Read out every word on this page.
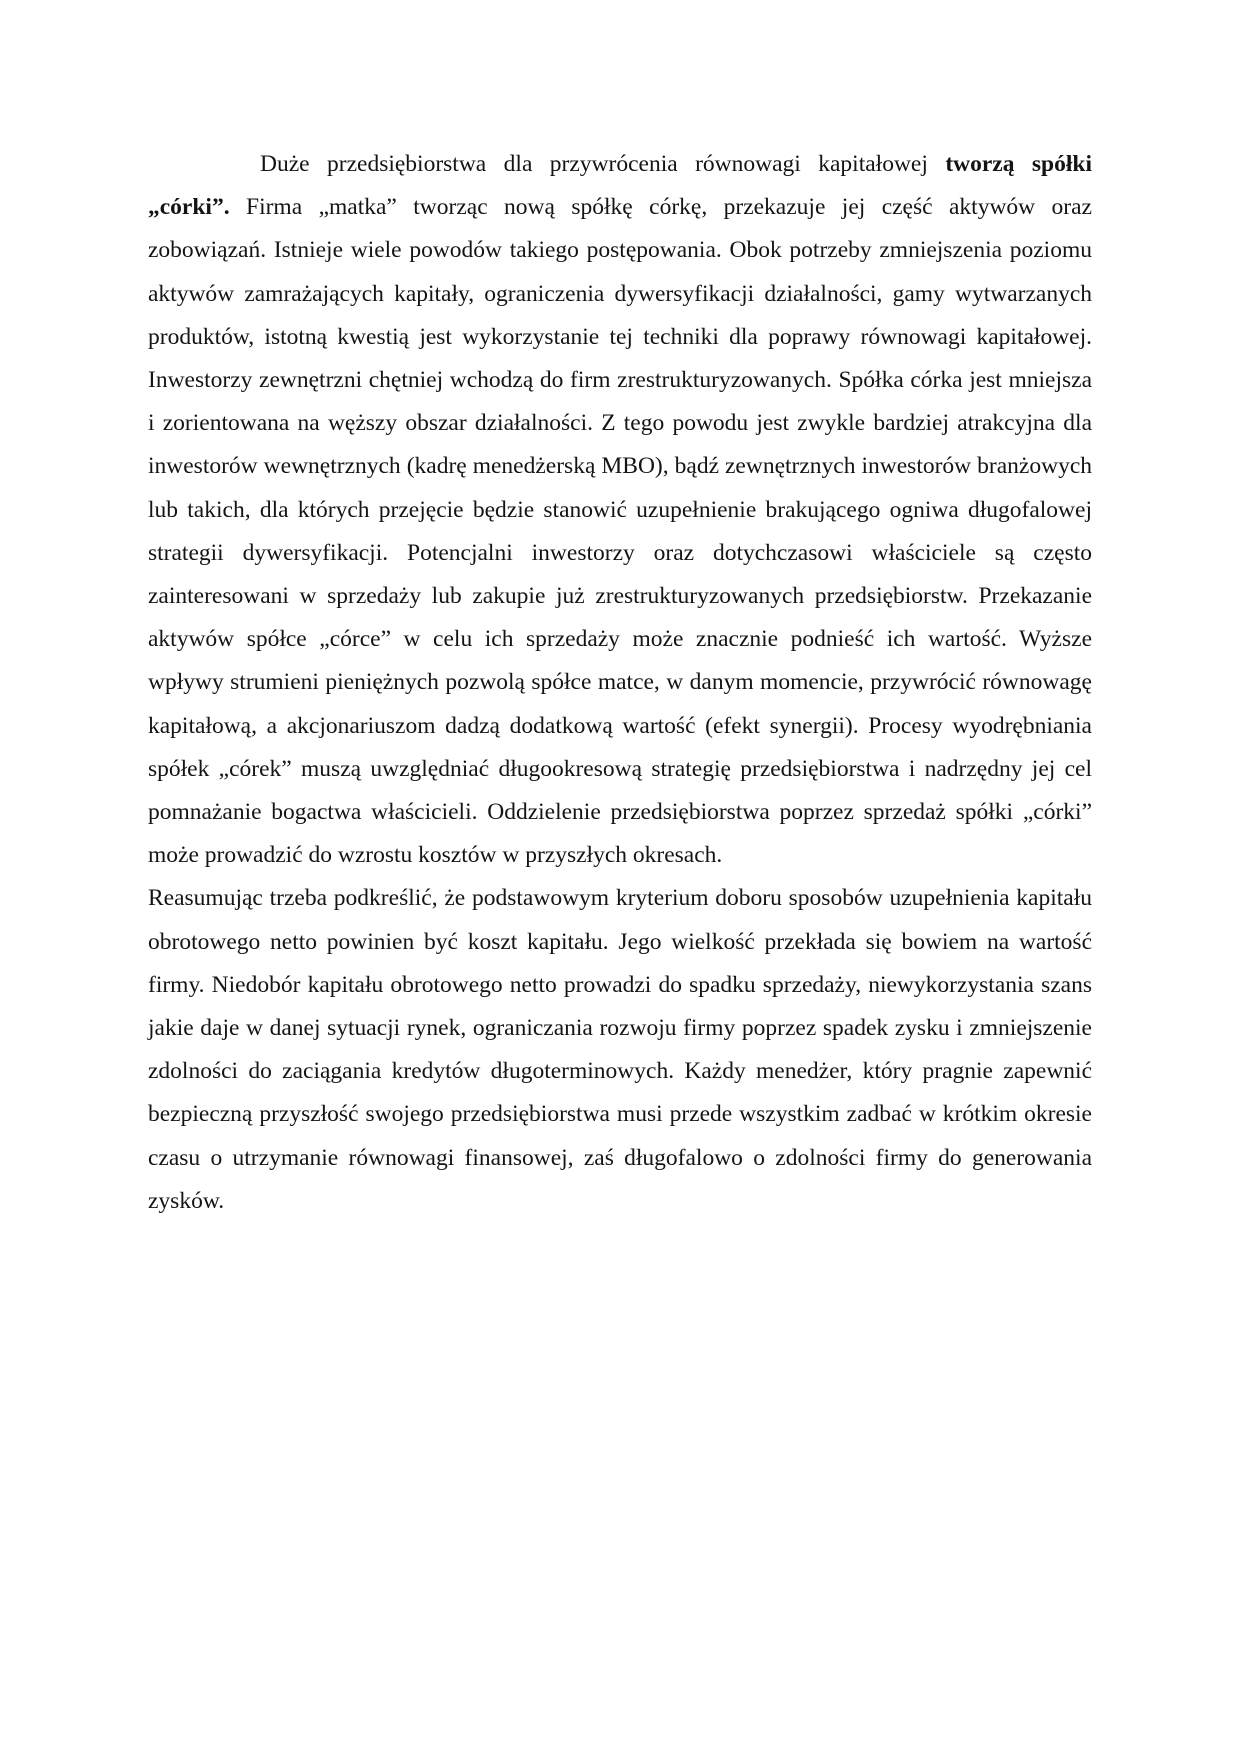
Duże przedsiębiorstwa dla przywrócenia równowagi kapitałowej tworzą spółki „córki”. Firma „matka” tworząc nową spółkę córkę, przekazuje jej część aktywów oraz zobowiązań. Istnieje wiele powodów takiego postępowania. Obok potrzeby zmniejszenia poziomu aktywów zamrażających kapitały, ograniczenia dywersyfikacji działalności, gamy wytwarzanych produktów, istotną kwestią jest wykorzystanie tej techniki dla poprawy równowagi kapitałowej. Inwestorzy zewnętrzni chętniej wchodzą do firm zrestrukturyzowanych. Spółka córka jest mniejsza i zorientowana na węższy obszar działalności. Z tego powodu jest zwykle bardziej atrakcyjna dla inwestorów wewnętrznych (kadrę menedżerską MBO), bądź zewnętrznych inwestorów branżowych lub takich, dla których przejęcie będzie stanowić uzupełnienie brakującego ogniwa długofalowej strategii dywersyfikacji. Potencjalni inwestorzy oraz dotychczasowi właściciele są często zainteresowani w sprzedaży lub zakupie już zrestrukturyzowanych przedsiębiorstw. Przekazanie aktywów spółce „córce” w celu ich sprzedaży może znacznie podnieść ich wartość. Wyższe wpływy strumieni pieniężnych pozwolą spółce matce, w danym momencie, przywrócić równowagę kapitałową, a akcjonariuszom dadzą dodatkową wartość (efekt synergii). Procesy wyodrębniania spółek „córek” muszą uwzględniać długookresową strategię przedsiębiorstwa i nadrzędny jej cel pomnażanie bogactwa właścicieli. Oddzielenie przedsiębiorstwa poprzez sprzedaż spółki „córki” może prowadzić do wzrostu kosztów w przyszłych okresach.

Reasumując trzeba podkreślić, że podstawowym kryterium doboru sposobów uzupełnienia kapitału obrotowego netto powinien być koszt kapitału. Jego wielkość przekłada się bowiem na wartość firmy. Niedobór kapitału obrotowego netto prowadzi do spadku sprzedaży, niewykorzystania szans jakie daje w danej sytuacji rynek, ograniczania rozwoju firmy poprzez spadek zysku i zmniejszenie zdolności do zaciągania kredytów długoterminowych. Każdy menedżer, który pragnie zapewnić bezpieczną przyszłość swojego przedsiębiorstwa musi przede wszystkim zadbać w krótkim okresie czasu o utrzymanie równowagi finansowej, zaś długofalowo o zdolności firmy do generowania zysków.
